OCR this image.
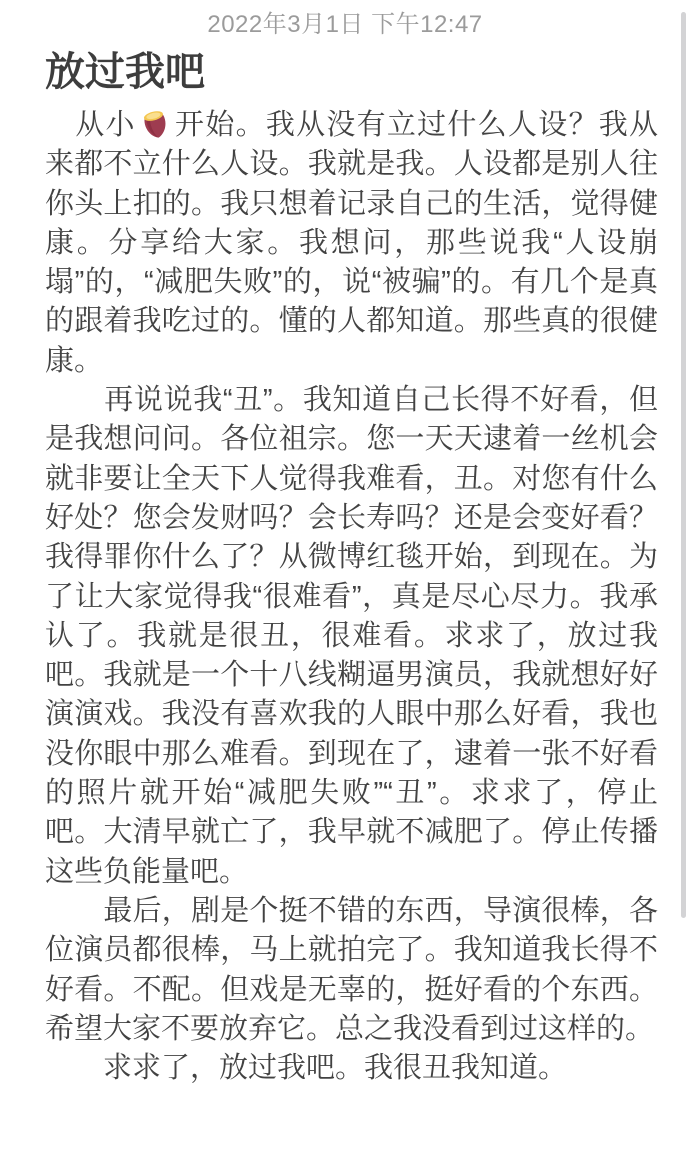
2022年3月1日 下午12:47
放过我吧

　从小 开始。我从没有立过什么人设？我从来都不立什么人设。我就是我。人设都是别人往你头上扣的。我只想着记录自己的生活，觉得健康。分享给大家。我想问，那些说我“人设崩塌”的，“减肥失败”的，说“被骗”的。有几个是真的跟着我吃过的。懂的人都知道。那些真的很健康。

　　再说说我“丑”。我知道自己长得不好看，但是我想问问。各位祖宗。您一天天逮着一丝机会就非要让全天下人觉得我难看，丑。对您有什么好处？您会发财吗？会长寿吗？还是会变好看？我得罪你什么了？从微博红毯开始，到现在。为了让大家觉得我“很难看”，真是尽心尽力。我承认了。我就是很丑，很难看。求求了，放过我吧。我就是一个十八线糊逼男演员，我就想好好演演戏。我没有喜欢我的人眼中那么好看，我也没你眼中那么难看。到现在了，逮着一张不好看的照片就开始“减肥失败”“丑”。求求了，停止吧。大清早就亡了，我早就不减肥了。停止传播这些负能量吧。

　　最后，剧是个挺不错的东西，导演很棒，各位演员都很棒，马上就拍完了。我知道我长得不好看。不配。但戏是无辜的，挺好看的个东西。希望大家不要放弃它。总之我没看到过这样的。

　　求求了，放过我吧。我很丑我知道。
